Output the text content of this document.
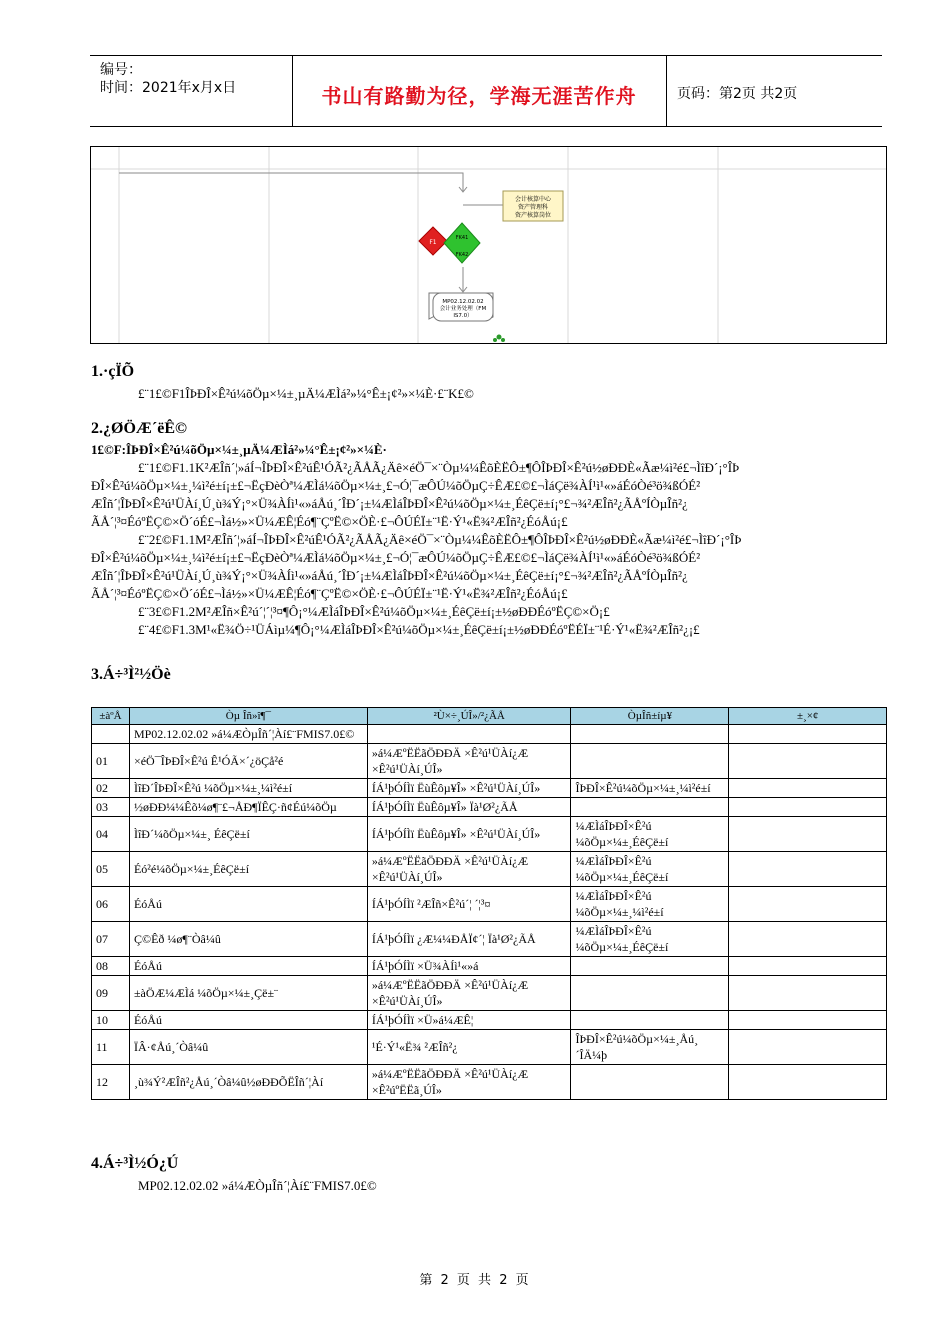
编号：
时间：2021年x月x日	书山有路勤为径，学海无涯苦作舟	页码：第2页 共2页
会计核算中心
资产管理科
资产核算岗位
F1
FK41
FK42
MP02.12.02.02
会计业务处理（FM
IS7.0）
1.·çÏÕ
£¨1£©F1ÎÞÐÎ×Ê²ú¼õÖµ×¼±¸µÄ¼ÆÌá²»¼°Ê±¡¢²»×¼È·£¨K£©
2.¿ØÖÆ´ëÊ©
1£©F:ÎÞÐÎ×Ê²ú¼õÖµ×¼±¸µÄ¼ÆÌá²»¼°Ê±¡¢²»×¼È·
£¨1£©F1.1K²ÆÎñ´¦»áÍ¬ÎÞÐÎ×Ê²úÊ¹ÓÃ²¿ÃÅÃ¿Äê×éÖ¯×¨Òµ¼¼ÊõÈËÔ±¶ÔÎÞÐÎ×Ê²ú½øÐÐÈ«Ãæ¼ì²é£¬ÌîÐ´¡°ÎÞ
ÐÎ×Ê²ú¼õÖµ×¼±¸¼ì²é±í¡±£¬ËçÐèÒª¼ÆÌá¼õÖµ×¼±¸£¬Ó¦¯æÔÚ¼õÖµÇ÷ÊÆ£©£¬ÌáÇë¾ÀÍ¹ì¹«»áÉóÒé³ö¾ßÓÉ²
ÆÎñ´¦ÎÞÐÎ×Ê²ú¹ÜÀí¸Ú¸ù¾Ý¡°×Ü¾ÀÍì¹«»áÅú¸´ÎÐ´¡±¼ÆÌáÎÞÐÎ×Ê²ú¼õÖµ×¼±¸ÉêÇë±í¡°£¬¾²ÆÎñ²¿ÃÅºÍÒµÎñ²¿
ÃÅ´¦³¤ÉóºËÇ©×Ö´óÉ£¬Ìá½»×Ü¼ÆÊ¦Éó¶¨ÇºË©×ÖÈ·£¬ÔÚÉÏ±¨¹Ë·Ý¹«Ë¾²ÆÎñ²¿ÉóÅú¡£
£¨2£©F1.1M²ÆÎñ´¦»áÍ¬ÎÞÐÎ×Ê²úÊ¹ÓÃ²¿ÃÅÃ¿Äê×éÖ¯×¨Òµ¼¼ÊõÈËÔ±¶ÔÎÞÐÎ×Ê²ú½øÐÐÈ«Ãæ¼ì²é£¬ÌîÐ´¡°ÎÞ
ÐÎ×Ê²ú¼õÖµ×¼±¸¼ì²é±í¡±£¬ËçÐèÒª¼ÆÌá¼õÖµ×¼±¸£¬Ó¦¯æÔÚ¼õÖµÇ÷ÊÆ£©£¬ÌáÇë¾ÀÍ¹ì¹«»áÉóÒé³ö¾ßÓÉ²
ÆÎñ´¦ÎÞÐÎ×Ê²ú¹ÜÀí¸Ú¸ù¾Ý¡°×Ü¾ÀÍì¹«»áÅú¸´ÎÐ´¡±¼ÆÌáÎÞÐÎ×Ê²ú¼õÖµ×¼±¸ÉêÇë±í¡°£¬¾²ÆÎñ²¿ÃÅºÍÒµÎñ²¿
ÃÅ´¦³¤ÉóºËÇ©×Ö´óÉ£¬Ìá½»×Ü¼ÆÊ¦Éó¶¨ÇºË©×ÖÈ·£¬ÔÚÉÏ±¨¹Ë·Ý¹«Ë¾²ÆÎñ²¿ÉóÅú¡£
£¨3£©F1.2M²ÆÎñ×Ê²ú´¦´¦³¤¶Ô¡°¼ÆÌáÎÞÐÎ×Ê²ú¼õÖµ×¼±¸ÉêÇë±í¡±½øÐÐÉóºËÇ©×Ö¡£
£¨4£©F1.3M¹«Ë¾Ö÷¹ÜÁìµ¼¶Ô¡°¼ÆÌáÎÞÐÎ×Ê²ú¼õÖµ×¼±¸ÉêÇë±í¡±½øÐÐÉóºËÉÏ±¨¹É·Ý¹«Ë¾²ÆÎñ²¿¡£
3.Á÷³Ì²½Öè
±àºÅ	Òµ Îñ»î¶¯	²Ù×÷¸ÚÎ»/²¿ÃÅ	ÒµÎñ±íµ¥	±¸×¢
	MP02.12.02.02 »á¼ÆÒµÎñ´¦Àí£¨FMIS7.0£©			
01	×éÖ¯ÎÞÐÎ×Ê²ú Ê¹ÓÃ×´¿öÇå²é	»á¼ÆºËËãÖÐÐÄ ×Ê²ú¹ÜÀí¿Æ ×Ê²ú¹ÜÀí¸ÚÎ»		
02	ÌîÐ´ÎÞÐÎ×Ê²ú ¼õÖµ×¼±¸¼ì²é±í	ÍÁ¹þÓÍÌï ËùÊôµ¥Î» ×Ê²ú¹ÜÀí¸ÚÎ»	ÎÞÐÎ×Ê²ú¼õÖµ×¼±¸¼ì²é±í	
03	½øÐÐ¼¼Êõ¼ø¶¨£¬ÅÐ¶ÏÊÇ·ñ¢Éú¼õÖµ	ÍÁ¹þÓÍÌï ËùÊôµ¥Î» Ïà¹Ø²¿ÃÅ		
04	ÌîÐ´¼õÖµ×¼±¸ ÉêÇë±í	ÍÁ¹þÓÍÌï ËùÊôµ¥Î» ×Ê²ú¹ÜÀí¸ÚÎ»	¼ÆÌáÎÞÐÎ×Ê²ú ¼õÖµ×¼±¸ÉêÇë±í	
05	Éó²é¼õÖµ×¼±¸ÉêÇë±í	»á¼ÆºËËãÖÐÐÄ ×Ê²ú¹ÜÀí¿Æ ×Ê²ú¹ÜÀí¸ÚÎ»	¼ÆÌáÎÞÐÎ×Ê²ú ¼õÖµ×¼±¸ÉêÇë±í	
06	ÉóÅú	ÍÁ¹þÓÍÌï ²ÆÎñ×Ê²ú´¦ ´¦³¤	¼ÆÌáÎÞÐÎ×Ê²ú ¼õÖµ×¼±¸¼ì²é±í	
07	Ç©Êð ¼ø¶¨Òâ¼û	ÍÁ¹þÓÍÌï ¿Æ¼¼ÐÅÏ¢´¦ Ïà¹Ø²¿ÃÅ	¼ÆÌáÎÞÐÎ×Ê²ú ¼õÖµ×¼±¸ÉêÇë±í	
08	ÉóÅú	ÍÁ¹þÓÍÌï ×Ü¾ÀÍì¹«»á		
09	±àÖÆ¼ÆÌá ¼õÖµ×¼±¸Çë±¨	»á¼ÆºËËãÖÐÐÄ ×Ê²ú¹ÜÀí¿Æ ×Ê²ú¹ÜÀí¸ÚÎ»		
10	ÉóÅú	ÍÁ¹þÓÍÌï ×Ü»á¼ÆÊ¦		
11	ÏÂ·¢Åú¸´Òâ¼û	¹É·Ý¹«Ë¾ ²ÆÎñ²¿	ÎÞÐÎ×Ê²ú¼õÖµ×¼±¸Åú¸´ÎÄ¼þ	
12	¸ù¾Ý²ÆÎñ²¿Åú¸´Òâ¼û½øÐÐÕËÎñ´¦Àí	»á¼ÆºËËãÖÐÐÄ ×Ê²ú¹ÜÀí¿Æ ×Ê²úºËËã¸ÚÎ»		
4.Á÷³Ì½Ó¿Ú
MP02.12.02.02 »á¼ÆÒµÎñ´¦Àí£¨FMIS7.0£©
第 2 页 共 2 页
